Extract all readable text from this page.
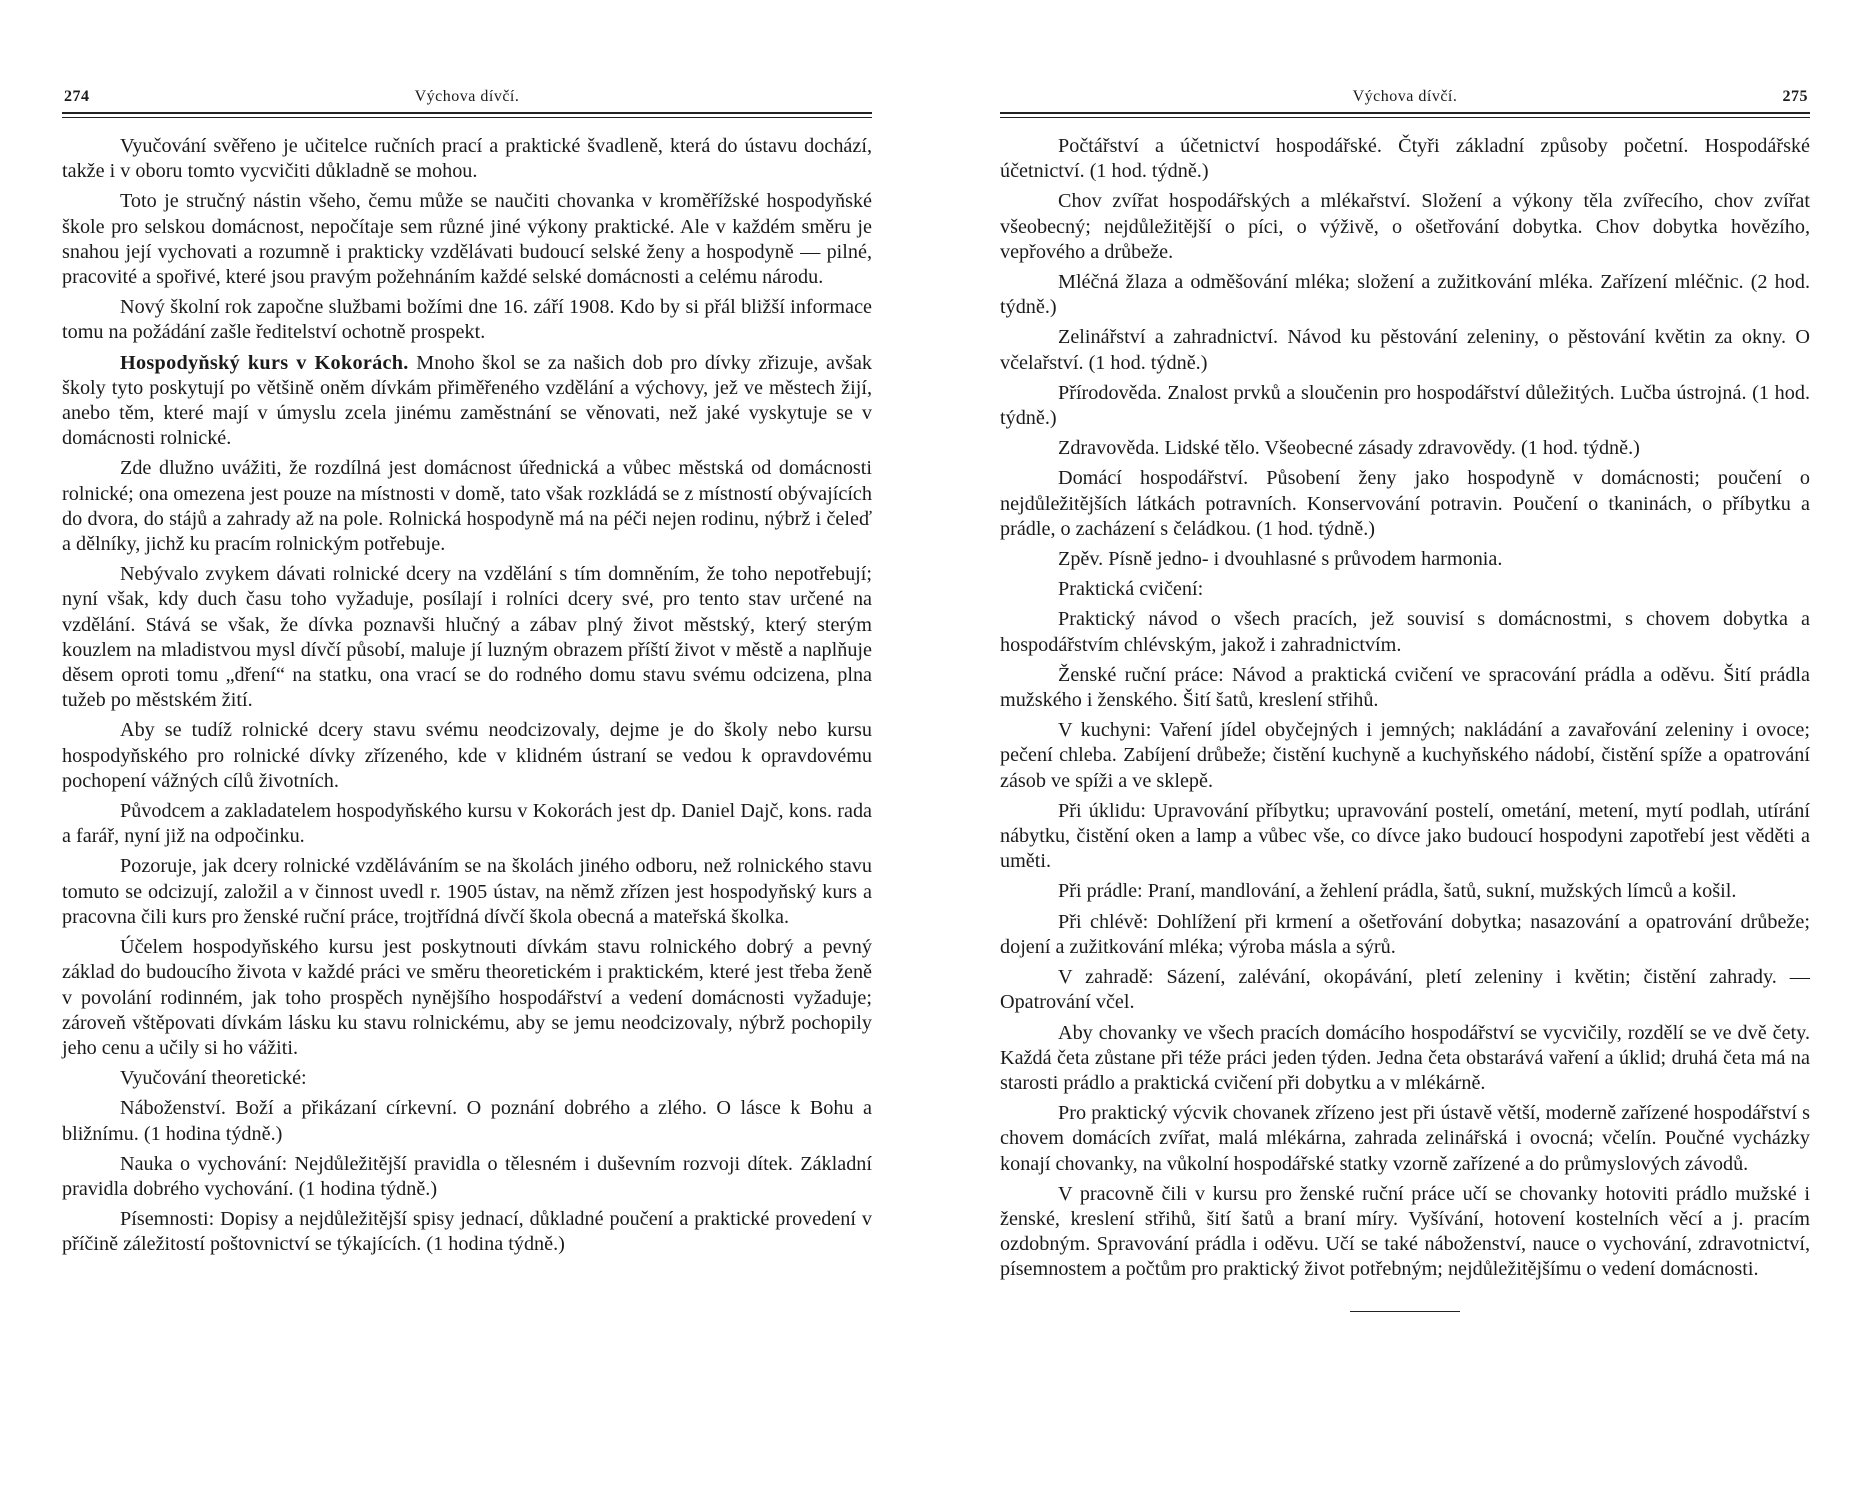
274	Výchova dívčí.

Vyučování svěřeno je učitelce ručních prací a praktické švadleně, která do ústavu dochází, takže i v oboru tomto vycvičiti důkladně se mohou.

Toto je stručný nástin všeho, čemu může se naučiti chovanka v kroměřížské hospodyňské škole pro selskou domácnost, nepočítaje sem různé jiné výkony praktické. Ale v každém směru je snahou její vychovati a rozumně i prakticky vzdělávati budoucí selské ženy a hospodyně — pilné, pracovité a spořivé, které jsou pravým požehnáním každé selské domácnosti a celému národu.

Nový školní rok započne službami božími dne 16. září 1908. Kdo by si přál bližší informace tomu na požádání zašle ředitelství ochotně prospekt.

Hospodyňský kurs v Kokorách. Mnoho škol se za našich dob pro dívky zřizuje, avšak školy tyto poskytují po většině oněm dívkám přiměřeného vzdělání a výchovy, jež ve městech žijí, anebo těm, které mají v úmyslu zcela jinému zaměstnání se věnovati, než jaké vyskytuje se v domácnosti rolnické.

Zde dlužno uvážiti, že rozdílná jest domácnost úřednická a vůbec městská od domácnosti rolnické; ona omezena jest pouze na místnosti v domě, tato však rozkládá se z místností obývajících do dvora, do stájů a zahrady až na pole. Rolnická hospodyně má na péči nejen rodinu, nýbrž i čeleď a dělníky, jichž ku pracím rolnickým potřebuje.

Nebývalo zvykem dávati rolnické dcery na vzdělání s tím domněním, že toho nepotřebují; nyní však, kdy duch času toho vyžaduje, posílají i rolníci dcery své, pro tento stav určené na vzdělání. Stává se však, že dívka poznavši hlučný a zábav plný život městský, který sterým kouzlem na mladistvou mysl dívčí působí, maluje jí luzným obrazem příští život v městě a naplňuje děsem oproti tomu „dření“ na statku, ona vrací se do rodného domu stavu svému odcizena, plna tužeb po městském žití.

Aby se tudíž rolnické dcery stavu svému neodcizovaly, dejme je do školy nebo kursu hospodyňského pro rolnické dívky zřízeného, kde v klidném ústraní se vedou k opravdovému pochopení vážných cílů životních.

Původcem a zakladatelem hospodyňského kursu v Kokorách jest dp. Daniel Dajč, kons. rada a farář, nyní již na odpočinku.

Pozoruje, jak dcery rolnické vzděláváním se na školách jiného odboru, než rolnického stavu tomuto se odcizují, založil a v činnost uvedl r. 1905 ústav, na němž zřízen jest hospodyňský kurs a pracovna čili kurs pro ženské ruční práce, trojtřídná dívčí škola obecná a mateřská školka.

Účelem hospodyňského kursu jest poskytnouti dívkám stavu rolnického dobrý a pevný základ do budoucího života v každé práci ve směru theoretickém i praktickém, které jest třeba ženě v povolání rodinném, jak toho prospěch nynějšího hospodářství a vedení domácnosti vyžaduje; zároveň vštěpovati dívkám lásku ku stavu rolnickému, aby se jemu neodcizovaly, nýbrž pochopily jeho cenu a učily si ho vážiti.

Vyučování theoretické:

Náboženství. Boží a přikázaní církevní. O poznání dobrého a zlého. O lásce k Bohu a bližnímu. (1 hodina týdně.)

Nauka o vychování: Nejdůležitější pravidla o tělesném i duševním rozvoji dítek. Základní pravidla dobrého vychování. (1 hodina týdně.)

Písemnosti: Dopisy a nejdůležitější spisy jednací, důkladné poučení a praktické provedení v příčině záležitostí poštovnictví se týkajících. (1 hodina týdně.)

Výchova dívčí.	275

Počtářství a účetnictví hospodářské. Čtyři základní způsoby početní. Hospodářské účetnictví. (1 hod. týdně.)

Chov zvířat hospodářských a mlékařství. Složení a výkony těla zvířecího, chov zvířat všeobecný; nejdůležitější o píci, o výživě, o ošetřování dobytka. Chov dobytka hovězího, vepřového a drůbeže.

Mléčná žlaza a odměšování mléka; složení a zužitkování mléka. Zařízení mléčnic. (2 hod. týdně.)

Zelinářství a zahradnictví. Návod ku pěstování zeleniny, o pěstování květin za okny. O včelařství. (1 hod. týdně.)

Přírodověda. Znalost prvků a sloučenin pro hospodářství důležitých. Lučba ústrojná. (1 hod. týdně.)

Zdravověda. Lidské tělo. Všeobecné zásady zdravovědy. (1 hod. týdně.)

Domácí hospodářství. Působení ženy jako hospodyně v domácnosti; poučení o nejdůležitějších látkách potravních. Konservování potravin. Poučení o tkaninách, o příbytku a prádle, o zacházení s čeládkou. (1 hod. týdně.)

Zpěv. Písně jedno- i dvouhlasné s průvodem harmonia.

Praktická cvičení:

Praktický návod o všech pracích, jež souvisí s domácnostmi, s chovem dobytka a hospodářstvím chlévským, jakož i zahradnictvím.

Ženské ruční práce: Návod a praktická cvičení ve spracování prádla a oděvu. Šití prádla mužského i ženského. Šití šatů, kreslení střihů.

V kuchyni: Vaření jídel obyčejných i jemných; nakládání a zavařování zeleniny i ovoce; pečení chleba. Zabíjení drůbeže; čistění kuchyně a kuchyňského nádobí, čistění spíže a opatrování zásob ve spíži a ve sklepě.

Při úklidu: Upravování příbytku; upravování postelí, ometání, metení, mytí podlah, utírání nábytku, čistění oken a lamp a vůbec vše, co dívce jako budoucí hospodyni zapotřebí jest věděti a uměti.

Při prádle: Praní, mandlování, a žehlení prádla, šatů, sukní, mužských límců a košil.

Při chlévě: Dohlížení při krmení a ošetřování dobytka; nasazování a opatrování drůbeže; dojení a zužitkování mléka; výroba másla a sýrů.

V zahradě: Sázení, zalévání, okopávání, pletí zeleniny i květin; čistění zahrady. — Opatrování včel.

Aby chovanky ve všech pracích domácího hospodářství se vycvičily, rozdělí se ve dvě čety. Každá četa zůstane při téže práci jeden týden. Jedna četa obstarává vaření a úklid; druhá četa má na starosti prádlo a praktická cvičení při dobytku a v mlékárně.

Pro praktický výcvik chovanek zřízeno jest při ústavě větší, moderně zařízené hospodářství s chovem domácích zvířat, malá mlékárna, zahrada zelinářská i ovocná; včelín. Poučné vycházky konají chovanky, na vůkolní hospodářské statky vzorně zařízené a do průmyslových závodů.

V pracovně čili v kursu pro ženské ruční práce učí se chovanky hotoviti prádlo mužské i ženské, kreslení střihů, šití šatů a braní míry. Vyšívání, hotovení kostelních věcí a j. pracím ozdobným. Spravování prádla i oděvu. Učí se také náboženství, nauce o vychování, zdravotnictví, písemnostem a počtům pro praktický život potřebným; nejdůležitějšímu o vedení domácnosti.
